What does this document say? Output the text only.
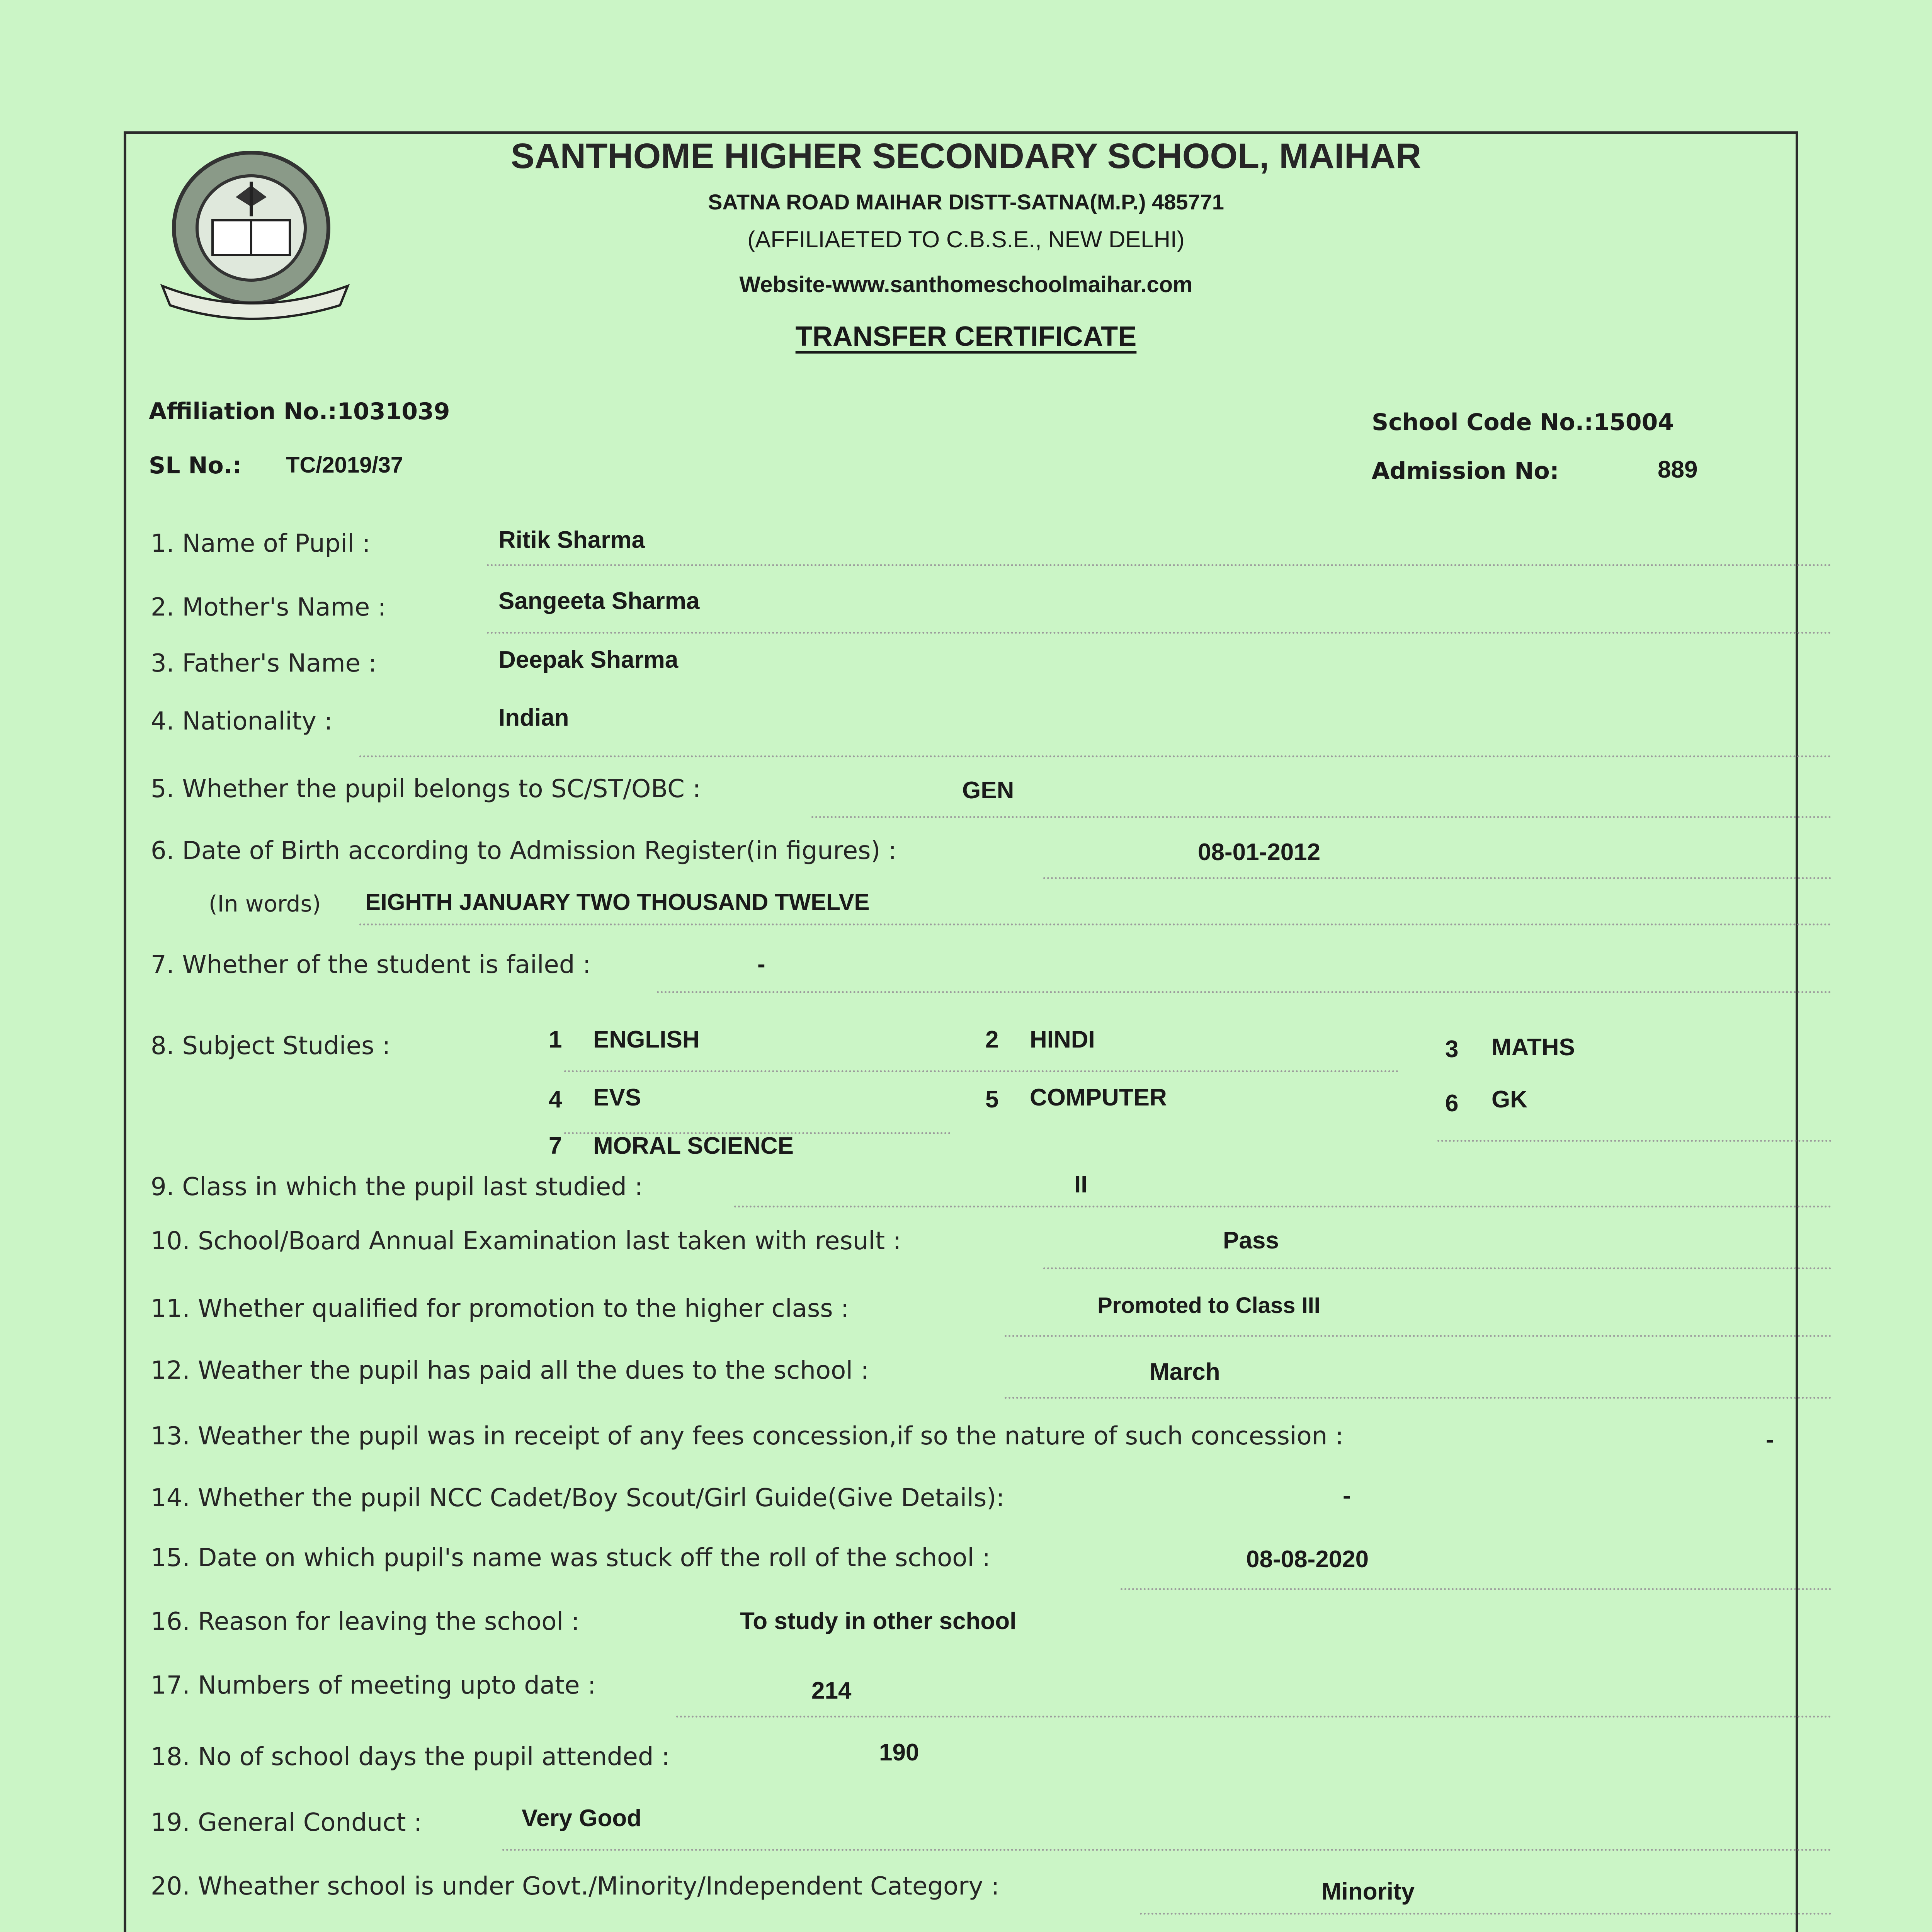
SANTHOME HIGHER SECONDARY SCHOOL, MAIHAR
SATNA ROAD MAIHAR DISTT-SATNA(M.P.) 485771
(AFFILIAETED TO C.B.S.E., NEW DELHI)
Website-www.santhomeschoolmaihar.com
TRANSFER CERTIFICATE
Affiliation No.:1031039
SL No.: TC/2019/37
School Code No.:15004
Admission No:	889
1. Name of Pupil :	Ritik Sharma
2. Mother's Name :	Sangeeta Sharma
3. Father's Name :	Deepak Sharma
4. Nationality :	Indian
5. Whether the pupil belongs to SC/ST/OBC :	GEN
6. Date of Birth according to Admission Register(in figures) :	08-01-2012
(In words) EIGHTH JANUARY TWO THOUSAND TWELVE
7. Whether of the student is failed :	-
8. Subject Studies :	1 ENGLISH	2 HINDI	3 MATHS
4 EVS	5 COMPUTER	6 GK
7 MORAL SCIENCE
9. Class in which the pupil last studied :	II
10. School/Board Annual Examination last taken with result :	Pass
11. Whether qualified for promotion to the higher class :	Promoted to Class III
12. Weather the pupil has paid all the dues to the school :	March
13. Weather the pupil was in receipt of any fees concession,if so the nature of such concession :	-
14. Whether the pupil NCC Cadet/Boy Scout/Girl Guide(Give Details):	-
15. Date on which pupil's name was stuck off the roll of the school :	08-08-2020
16. Reason for leaving the school :	To study in other school
17. Numbers of meeting upto date :	214
18. No of school days the pupil attended :	190
19. General Conduct :	Very Good
20. Wheather school is under Govt./Minority/Independent Category :	Minority
